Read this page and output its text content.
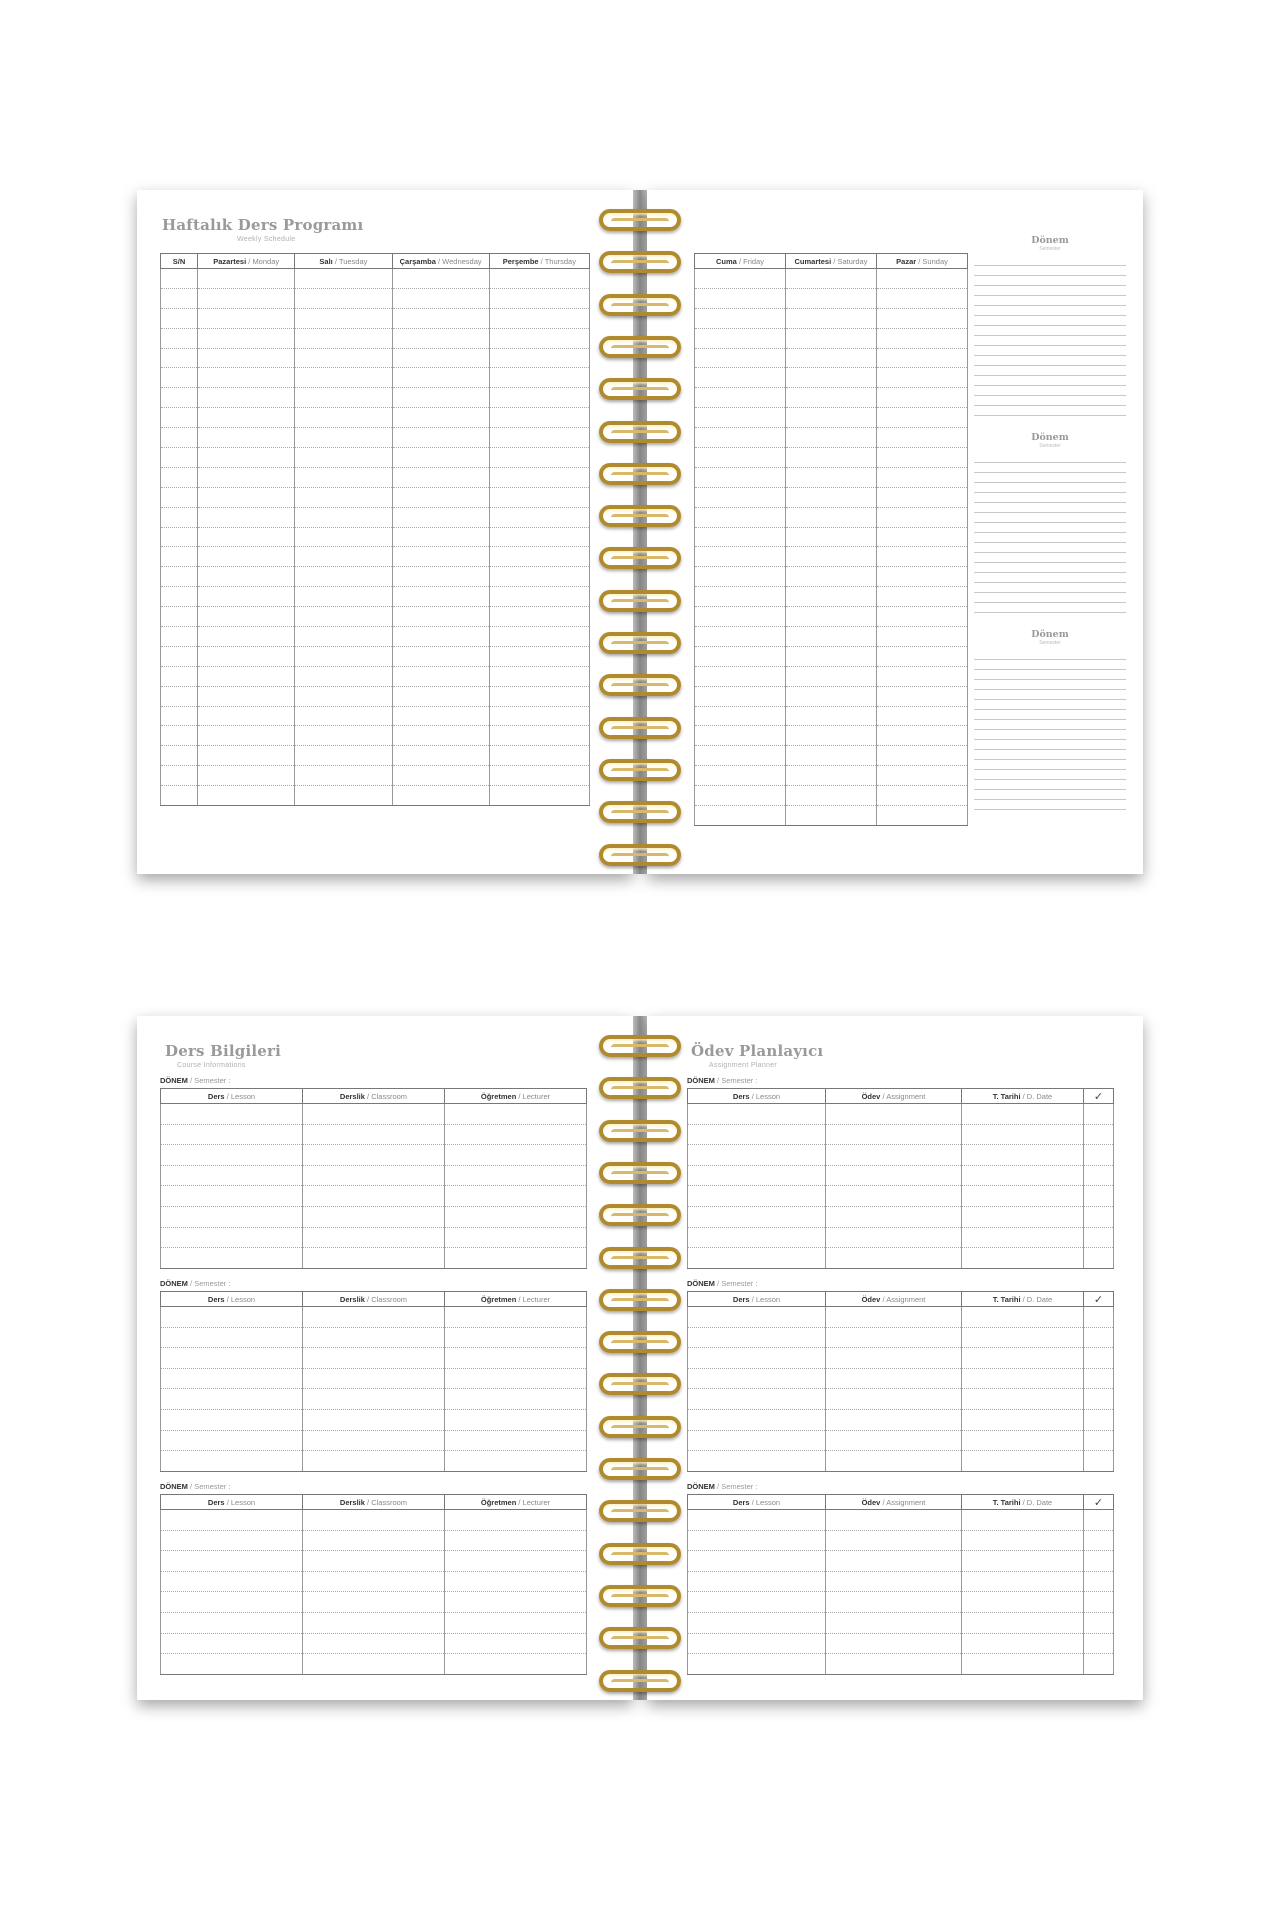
Haftalık Ders Programı
Weekly Schedule
S/N	Pazartesi / Monday	Salı / Tuesday	Çarşamba / Wednesday	Perşembe / Thursday

					Cuma / Friday	Cumartesi / Saturday	Pazar / Sunday

Dönem
Semester
Dönem
Semester
Dönem
Semester
Ders Bilgileri
Course Informations
DÖNEM / Semester :
Ders / Lesson	Derslik / Classroom	Öğretmen / Lecturer

DÖNEM / Semester :
Ders / Lesson	Derslik / Classroom	Öğretmen / Lecturer

DÖNEM / Semester :
Ders / Lesson	Derslik / Classroom	Öğretmen / Lecturer

Ödev Planlayıcı
Assignment Planner
DÖNEM / Semester :
Ders / Lesson	Ödev / Assignment	T. Tarihi / D. Date	✓

DÖNEM / Semester :
Ders / Lesson	Ödev / Assignment	T. Tarihi / D. Date	✓

DÖNEM / Semester :
Ders / Lesson	Ödev / Assignment	T. Tarihi / D. Date	✓
